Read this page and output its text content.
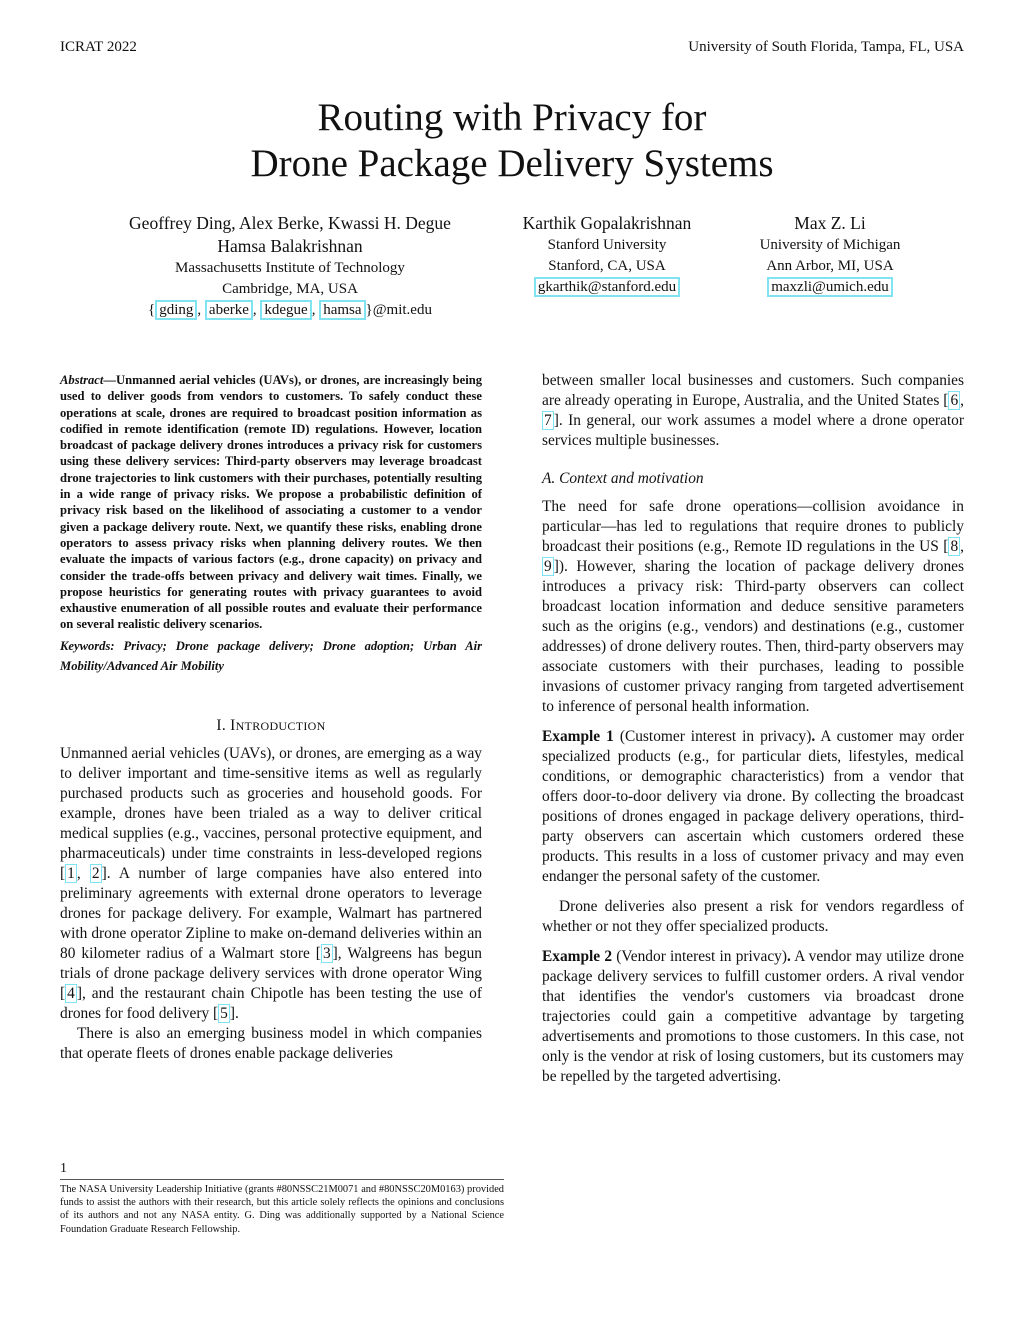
ICRAT 2022	University of South Florida, Tampa, FL, USA
Routing with Privacy for
Drone Package Delivery Systems
Geoffrey Ding, Alex Berke, Kwassi H. Degue
Hamsa Balakrishnan
Massachusetts Institute of Technology
Cambridge, MA, USA
{ gding , aberke , kdegue , hamsa }@mit.edu
Karthik Gopalakrishnan
Stanford University
Stanford, CA, USA
gkarthik@stanford.edu
Max Z. Li
University of Michigan
Ann Arbor, MI, USA
maxzli@umich.edu

Abstract—Unmanned aerial vehicles (UAVs), or drones, are increasingly being used to deliver goods from vendors to customers. To safely conduct these operations at scale, drones are required to broadcast position information as codified in remote identification (remote ID) regulations. However, location broadcast of package delivery drones introduces a privacy risk for customers using these delivery services: Third-party observers may leverage broadcast drone trajectories to link customers with their purchases, potentially resulting in a wide range of privacy risks. We propose a probabilistic definition of privacy risk based on the likelihood of associating a customer to a vendor given a package delivery route. Next, we quantify these risks, enabling drone operators to assess privacy risks when planning delivery routes. We then evaluate the impacts of various factors (e.g., drone capacity) on privacy and consider the trade-offs between privacy and delivery wait times. Finally, we propose heuristics for generating routes with privacy guarantees to avoid exhaustive enumeration of all possible routes and evaluate their performance on several realistic delivery scenarios.

Keywords: Privacy; Drone package delivery; Drone adoption; Urban Air Mobility/Advanced Air Mobility

I. INTRODUCTION

Unmanned aerial vehicles (UAVs), or drones, are emerging as a way to deliver important and time-sensitive items as well as regularly purchased products such as groceries and household goods. For example, drones have been trialed as a way to deliver critical medical supplies (e.g., vaccines, personal protective equipment, and pharmaceuticals) under time constraints in less-developed regions [ 1 , 2 ]. A number of large companies have also entered into preliminary agreements with external drone operators to leverage drones for package delivery. For example, Walmart has partnered with drone operator Zipline to make on-demand deliveries within an 80 kilometer radius of a Walmart store [ 3 ], Walgreens has begun trials of drone package delivery services with drone operator Wing [ 4 ], and the restaurant chain Chipotle has been testing the use of drones for food delivery [ 5 ].

There is also an emerging business model in which companies that operate fleets of drones enable package deliveries

between smaller local businesses and customers. Such companies are already operating in Europe, Australia, and the United States [ 6 , 7 ]. In general, our work assumes a model where a drone operator services multiple businesses.

A. Context and motivation

The need for safe drone operations—collision avoidance in particular—has led to regulations that require drones to publicly broadcast their positions (e.g., Remote ID regulations in the US [ 8 , 9 ]). However, sharing the location of package delivery drones introduces a privacy risk: Third-party observers can collect broadcast location information and deduce sensitive parameters such as the origins (e.g., vendors) and destinations (e.g., customer addresses) of drone delivery routes. Then, third-party observers may associate customers with their purchases, leading to possible invasions of customer privacy ranging from targeted advertisement to inference of personal health information.

Example 1 (Customer interest in privacy). A customer may order specialized products (e.g., for particular diets, lifestyles, medical conditions, or demographic characteristics) from a vendor that offers door-to-door delivery via drone. By collecting the broadcast positions of drones engaged in package delivery operations, third-party observers can ascertain which customers ordered these products. This results in a loss of customer privacy and may even endanger the personal safety of the customer.

Drone deliveries also present a risk for vendors regardless of whether or not they offer specialized products.

Example 2 (Vendor interest in privacy). A vendor may utilize drone package delivery services to fulfill customer orders. A rival vendor that identifies the vendor's customers via broadcast drone trajectories could gain a competitive advantage by targeting advertisements and promotions to those customers. In this case, not only is the vendor at risk of losing customers, but its customers may be repelled by the targeted advertising.

1
The NASA University Leadership Initiative (grants #80NSSC21M0071 and #80NSSC20M0163) provided funds to assist the authors with their research, but this article solely reflects the opinions and conclusions of its authors and not any NASA entity. G. Ding was additionally supported by a National Science Foundation Graduate Research Fellowship.
